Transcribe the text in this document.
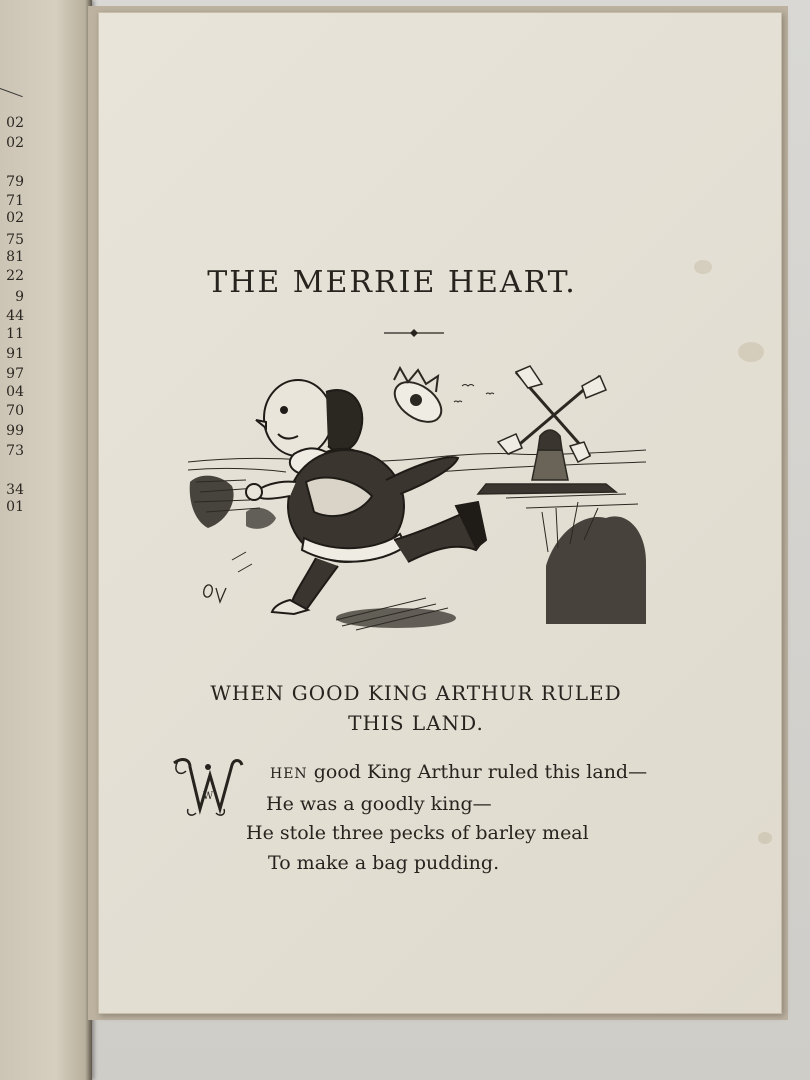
02
02
79
71
02
75
81
22
9
44
11
91
97
04
70
99
73
34
01
THE MERRIE HEART.
WHEN GOOD KING ARTHUR RULED
THIS LAND.
W
HEN good King Arthur ruled this land—
He was a goodly king—
He stole three pecks of barley meal
To make a bag pudding.
